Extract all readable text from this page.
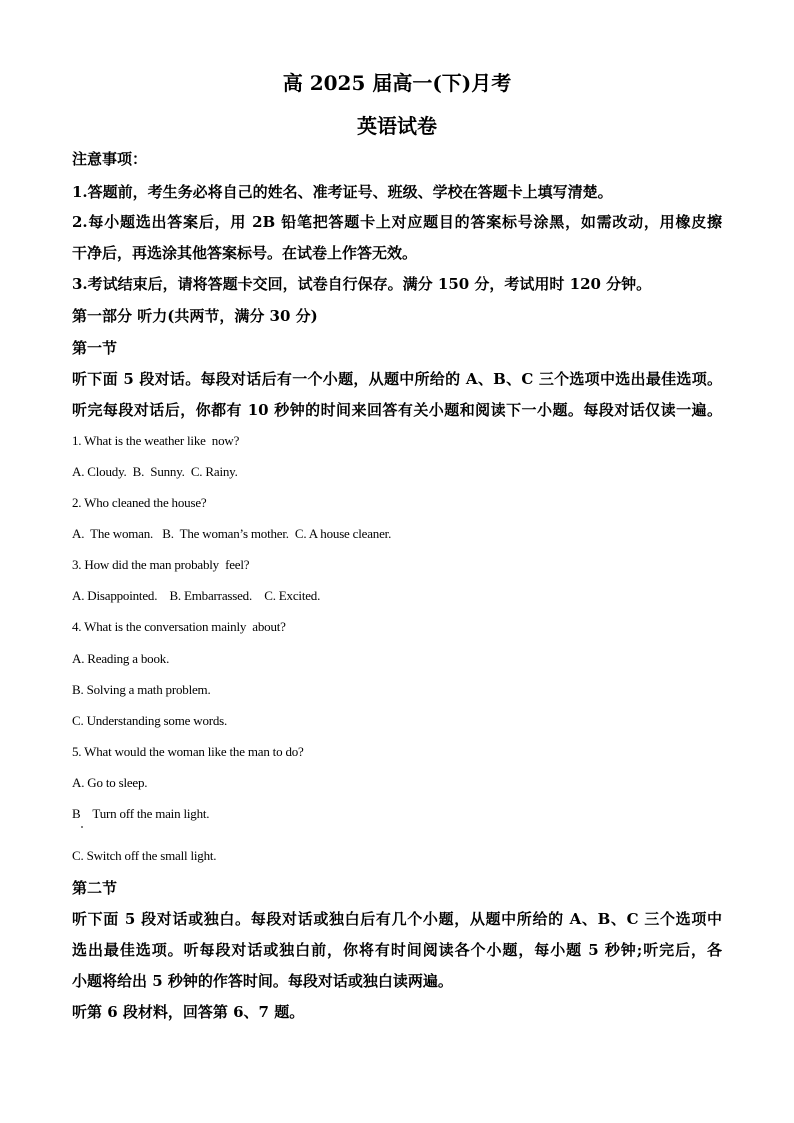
高 2025 届高一(下)月考
英语试卷
注意事项：
1.答题前，考生务必将自己的姓名、准考证号、班级、学校在答题卡上填写清楚。
2.每小题选出答案后，用 2B 铅笔把答题卡上对应题目的答案标号涂黑，如需改动，用橡皮擦
干净后，再选涂其他答案标号。在试卷上作答无效。
3.考试结束后，请将答题卡交回，试卷自行保存。满分 150 分，考试用时 120 分钟。
第一部分 听力(共两节，满分 30 分)
第一节
听下面 5 段对话。每段对话后有一个小题，从题中所给的 A、B、C 三个选项中选出最佳选项。
听完每段对话后，你都有 10 秒钟的时间来回答有关小题和阅读下一小题。每段对话仅读一遍。
1. What is the weather like  now?
A. Cloudy.  B.  Sunny.  C. Rainy.
2. Who cleaned the house?
A.  The woman.   B.  The woman’s mother.  C. A house cleaner.
3. How did the man probably  feel?
A. Disappointed.    B. Embarrassed.    C. Excited.
4. What is the conversation mainly  about?
A. Reading a book.
B. Solving a math problem.
C. Understanding some words.
5. What would the woman like the man to do?
A. Go to sleep.
B    Turn off the main light.
C. Switch off the small light.
第二节
听下面 5 段对话或独白。每段对话或独白后有几个小题，从题中所给的 A、B、C 三个选项中
选出最佳选项。听每段对话或独白前，你将有时间阅读各个小题，每小题 5 秒钟;听完后，各
小题将给出 5 秒钟的作答时间。每段对话或独白读两遍。
听第 6 段材料，回答第 6、7 题。
